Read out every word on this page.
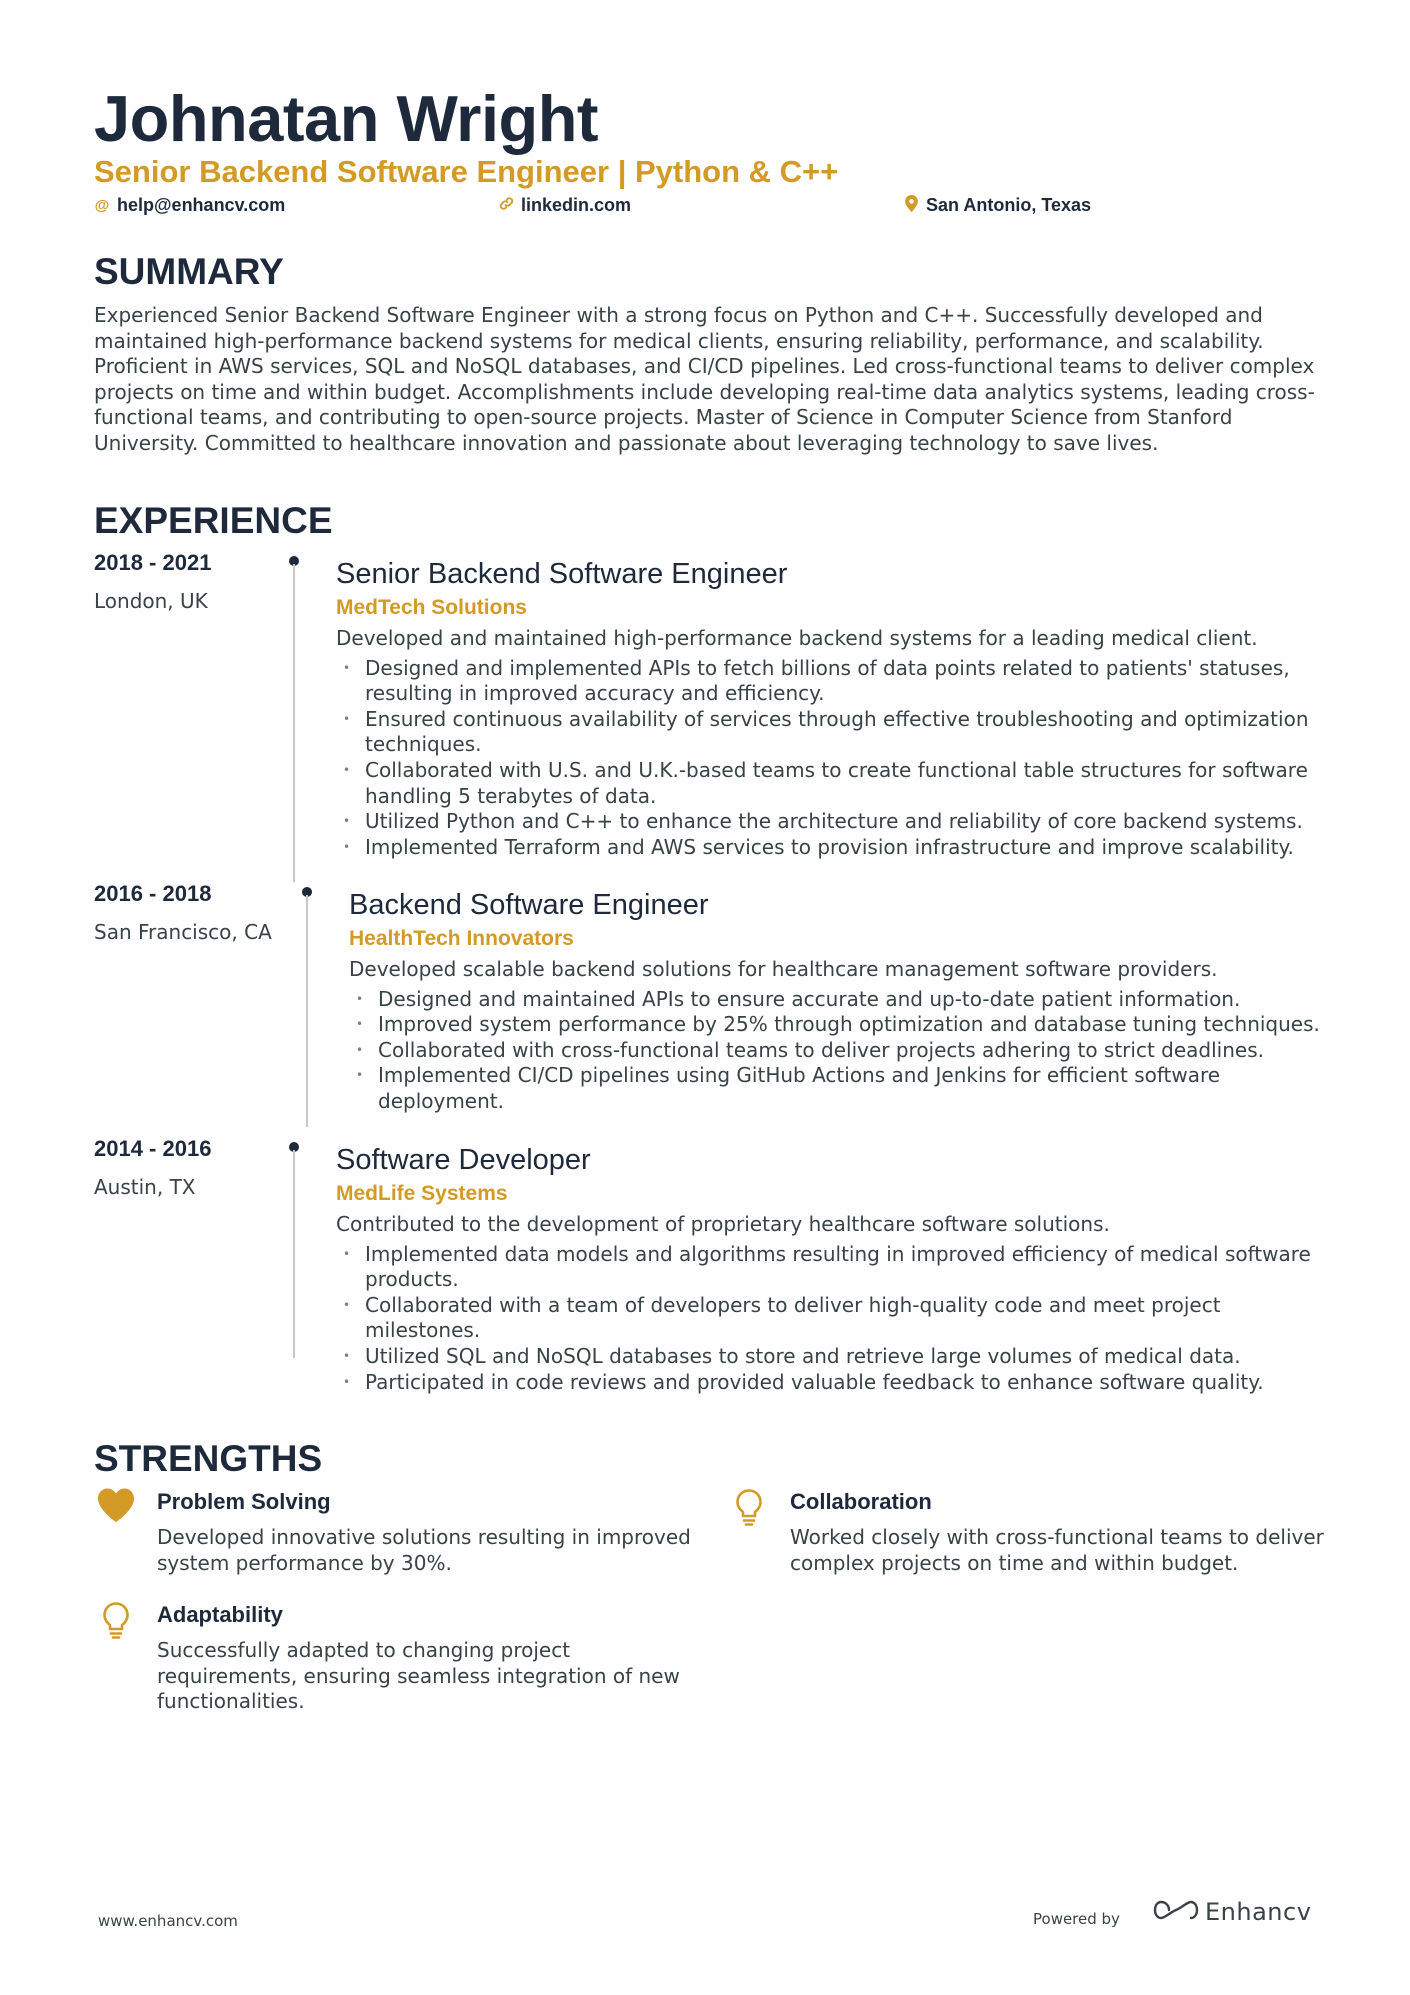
Johnatan Wright
Senior Backend Software Engineer | Python & C++
@ help@enhancv.com	linkedin.com	San Antonio, Texas
SUMMARY
Experienced Senior Backend Software Engineer with a strong focus on Python and C++. Successfully developed and maintained high-performance backend systems for medical clients, ensuring reliability, performance, and scalability. Proficient in AWS services, SQL and NoSQL databases, and CI/CD pipelines. Led cross-functional teams to deliver complex projects on time and within budget. Accomplishments include developing real-time data analytics systems, leading cross-functional teams, and contributing to open-source projects. Master of Science in Computer Science from Stanford University. Committed to healthcare innovation and passionate about leveraging technology to save lives.
EXPERIENCE
2018 - 2021
London, UK
Senior Backend Software Engineer
MedTech Solutions
Developed and maintained high-performance backend systems for a leading medical client.
• Designed and implemented APIs to fetch billions of data points related to patients' statuses, resulting in improved accuracy and efficiency.
• Ensured continuous availability of services through effective troubleshooting and optimization techniques.
• Collaborated with U.S. and U.K.-based teams to create functional table structures for software handling 5 terabytes of data.
• Utilized Python and C++ to enhance the architecture and reliability of core backend systems.
• Implemented Terraform and AWS services to provision infrastructure and improve scalability.
2016 - 2018
San Francisco, CA
Backend Software Engineer
HealthTech Innovators
Developed scalable backend solutions for healthcare management software providers.
• Designed and maintained APIs to ensure accurate and up-to-date patient information.
• Improved system performance by 25% through optimization and database tuning techniques.
• Collaborated with cross-functional teams to deliver projects adhering to strict deadlines.
• Implemented CI/CD pipelines using GitHub Actions and Jenkins for efficient software deployment.
2014 - 2016
Austin, TX
Software Developer
MedLife Systems
Contributed to the development of proprietary healthcare software solutions.
• Implemented data models and algorithms resulting in improved efficiency of medical software products.
• Collaborated with a team of developers to deliver high-quality code and meet project milestones.
• Utilized SQL and NoSQL databases to store and retrieve large volumes of medical data.
• Participated in code reviews and provided valuable feedback to enhance software quality.
STRENGTHS
Problem Solving
Developed innovative solutions resulting in improved system performance by 30%.
Collaboration
Worked closely with cross-functional teams to deliver complex projects on time and within budget.
Adaptability
Successfully adapted to changing project requirements, ensuring seamless integration of new functionalities.
www.enhancv.com	Powered by	Enhancv
